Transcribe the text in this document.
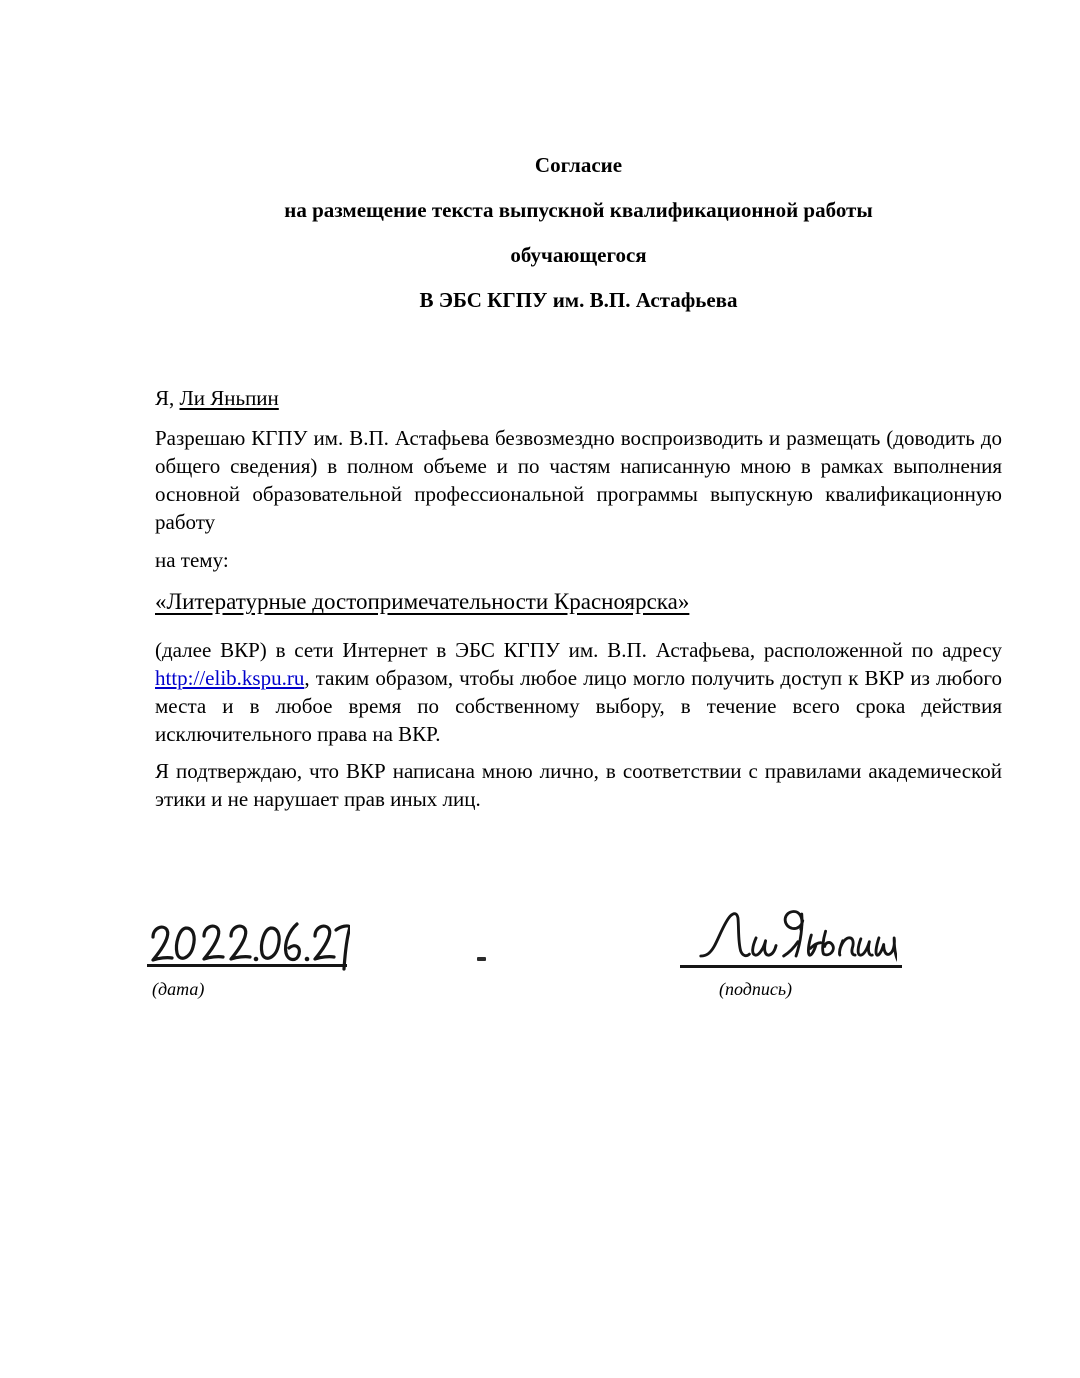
Согласие
на размещение текста выпускной квалификационной работы
обучающегося
В ЭБС КГПУ им. В.П. Астафьева

Я, Ли Яньпин

Разрешаю КГПУ им. В.П. Астафьева безвозмездно воспроизводить и размещать (доводить до общего сведения) в полном объеме и по частям написанную мною в рамках выполнения основной образовательной профессиональной программы выпускную квалификационную работу

на тему:

«Литературные достопримечательности Красноярска»

(далее ВКР) в сети Интернет в ЭБС КГПУ им. В.П. Астафьева, расположенной по адресу http://elib.kspu.ru, таким образом, чтобы любое лицо могло получить доступ к ВКР из любого места и в любое время по собственному выбору, в течение всего срока действия исключительного права на ВКР.

Я подтверждаю, что ВКР написана мною лично, в соответствии с правилами академической этики и не нарушает прав иных лиц.

(дата)	(подпись)
